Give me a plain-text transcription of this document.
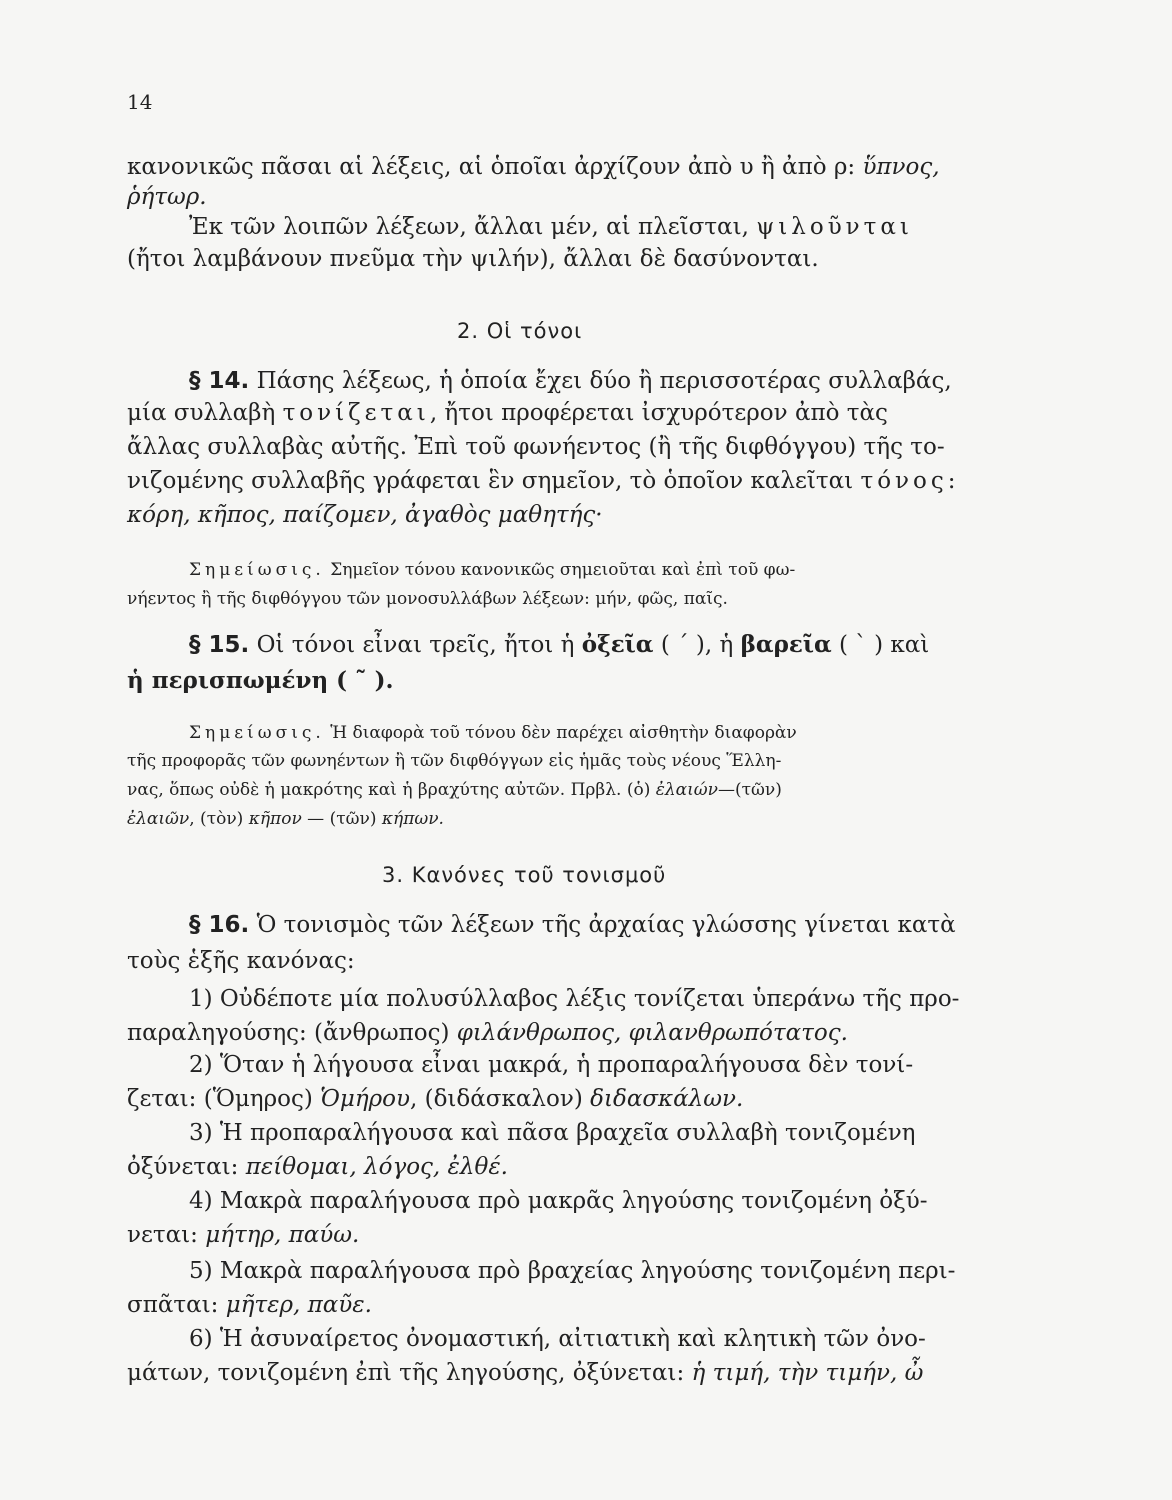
14
κανονικῶς πᾶσαι αἱ λέξεις, αἱ ὁποῖαι ἀρχίζουν ἀπὸ υ ἢ ἀπὸ ρ: ὕπνος,
ῥήτωρ.
Ἐκ τῶν λοιπῶν λέξεων, ἄλλαι μέν, αἱ πλεῖσται, ψιλοῦνται
(ἤτοι λαμβάνουν πνεῦμα τὴν ψιλήν), ἄλλαι δὲ δασύνονται.
2. Οἱ τόνοι
§ 14. Πάσης λέξεως, ἡ ὁποία ἔχει δύο ἢ περισσοτέρας συλλαβάς,
μία συλλαβὴ τονίζεται, ἤτοι προφέρεται ἰσχυρότερον ἀπὸ τὰς
ἄλλας συλλαβὰς αὐτῆς. Ἐπὶ τοῦ φωνήεντος (ἢ τῆς διφθόγγου) τῆς το-
νιζομένης συλλαβῆς γράφεται ἓν σημεῖον, τὸ ὁποῖον καλεῖται τόνος:
κόρη, κῆπος, παίζομεν, ἀγαθὸς μαθητής·
Σημείωσις. Σημεῖον τόνου κανονικῶς σημειοῦται καὶ ἐπὶ τοῦ φω-
νήεντος ἢ τῆς διφθόγγου τῶν μονοσυλλάβων λέξεων: μήν, φῶς, παῖς.
§ 15. Οἱ τόνοι εἶναι τρεῖς, ἤτοι ἡ ὀξεῖα ( ´ ), ἡ βαρεῖα ( ` ) καὶ
ἡ περισπωμένη ( ˜ ).
Σημείωσις. Ἡ διαφορὰ τοῦ τόνου δὲν παρέχει αἰσθητὴν διαφορὰν
τῆς προφορᾶς τῶν φωνηέντων ἢ τῶν διφθόγγων εἰς ἡμᾶς τοὺς νέους Ἕλλη-
νας, ὅπως οὐδὲ ἡ μακρότης καὶ ἡ βραχύτης αὐτῶν. Πρβλ. (ὁ) ἐλαιών—(τῶν)
ἐλαιῶν, (τὸν) κῆπον — (τῶν) κήπων.
3. Κανόνες τοῦ τονισμοῦ
§ 16. Ὁ τονισμὸς τῶν λέξεων τῆς ἀρχαίας γλώσσης γίνεται κατὰ
τοὺς ἑξῆς κανόνας:
1) Οὐδέποτε μία πολυσύλλαβος λέξις τονίζεται ὑπεράνω τῆς προ-
παραληγούσης: (ἄνθρωπος) φιλάνθρωπος, φιλανθρωπότατος.
2) Ὅταν ἡ λήγουσα εἶναι μακρά, ἡ προπαραλήγουσα δὲν τονί-
ζεται: (Ὅμηρος) Ὁμήρου, (διδάσκαλον) διδασκάλων.
3) Ἡ προπαραλήγουσα καὶ πᾶσα βραχεῖα συλλαβὴ τονιζομένη
ὀξύνεται: πείθομαι, λόγος, ἐλθέ.
4) Μακρὰ παραλήγουσα πρὸ μακρᾶς ληγούσης τονιζομένη ὀξύ-
νεται: μήτηρ, παύω.
5) Μακρὰ παραλήγουσα πρὸ βραχείας ληγούσης τονιζομένη περι-
σπᾶται: μῆτερ, παῦε.
6) Ἡ ἀσυναίρετος ὀνομαστική, αἰτιατικὴ καὶ κλητικὴ τῶν ὀνο-
μάτων, τονιζομένη ἐπὶ τῆς ληγούσης, ὀξύνεται: ἡ τιμή, τὴν τιμήν, ὦ
